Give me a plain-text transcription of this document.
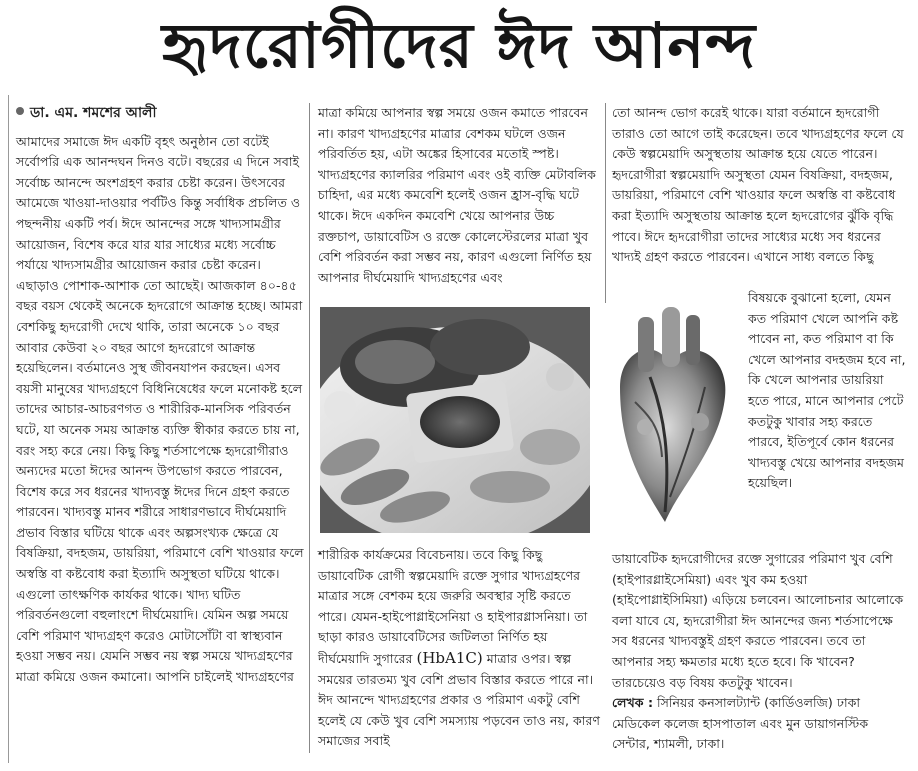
হৃদরোগীদের ঈদ আনন্দ

ডা. এম. শমশের আলী

আমাদের সমাজে ঈদ একটি বৃহৎ অনুষ্ঠান তো বটেই সর্বোপরি এক আনন্দঘন দিনও বটে। বছরের এ দিনে সবাই সর্বোচ্চ আনন্দে অংশগ্রহণ করার চেষ্টা করেন। উৎসবের আমেজে খাওয়া-দাওয়ার পর্বটিও কিন্তু সর্বাধিক প্রচলিত ও পছন্দনীয় একটি পর্ব। ঈদে আনন্দের সঙ্গে খাদ্যসামগ্রীর আয়োজন, বিশেষ করে যার যার সাধ্যের মধ্যে সর্বোচ্চ পর্যায়ে খাদ্যসামগ্রীর আয়োজন করার চেষ্টা করেন। এছাড়াও পোশাক-আশাক তো আছেই। আজকাল ৪০-৪৫ বছর বয়স থেকেই অনেকে হৃদরোগে আক্রান্ত হচ্ছে। আমরা বেশকিছু হৃদরোগী দেখে থাকি, তারা অনেকে ১০ বছর আবার কেউবা ২০ বছর আগে হৃদরোগে আক্রান্ত হয়েছিলেন। বর্তমানেও সুস্থ জীবনযাপন করছেন। এসব বয়সী মানুষের খাদ্যগ্রহণে বিধিনিষেধের ফলে মনোকষ্ট হলে তাদের আচার-আচরণগত ও শারীরিক-মানসিক পরিবর্তন ঘটে, যা অনেক সময় আক্রান্ত ব্যক্তি স্বীকার করতে চায় না, বরং সহ্য করে নেয়। কিছু কিছু শর্তসাপেক্ষে হৃদরোগীরাও অন্যদের মতো ঈদের আনন্দ উপভোগ করতে পারবেন, বিশেষ করে সব ধরনের খাদ্যবস্তু ঈদের দিনে গ্রহণ করতে পারবেন। খাদ্যবস্তু মানব শরীরে সাধারণভাবে দীর্ঘমেয়াদি প্রভাব বিস্তার ঘটিয়ে থাকে এবং অল্পসংখ্যক ক্ষেত্রে যে বিষক্রিয়া, বদহজম, ডায়রিয়া, পরিমাণে বেশি খাওয়ার ফলে অস্বস্তি বা কষ্টবোধ করা ইত্যাদি অসুস্থতা ঘটিয়ে থাকে। এগুলো তাৎক্ষণিক কার্যকর থাকে। খাদ্য ঘটিত পরিবর্তনগুলো বহুলাংশে দীর্ঘমেয়াদি। যেমিন অল্প সময়ে বেশি পরিমাণ খাদ্যগ্রহণ করেও মোটাসোঁটা বা স্বাস্থ্যবান হওয়া সম্ভব নয়। যেমনি সম্ভব নয় স্বল্প সময়ে খাদ্যগ্রহণের মাত্রা কমিয়ে ওজন কমানো। আপনি চাইলেই খাদ্যগ্রহণের

মাত্রা কমিয়ে আপনার স্বল্প সময়ে ওজন কমাতে পারবেন না। কারণ খাদ্যগ্রহণের মাত্রার বেশকম ঘটলে ওজন পরিবর্তিত হয়, এটা অঙ্কের হিসাবের মতোই স্পষ্ট। খাদ্যগ্রহণের ক্যালরির পরিমাণ এবং ওই ব্যক্তি মেটাবলিক চাহিদা, এর মধ্যে কমবেশি হলেই ওজন হ্রাস-বৃদ্ধি ঘটে থাকে। ঈদে একদিন কমবেশি খেয়ে আপনার উচ্চ রক্তচাপ, ডায়াবেটিস ও রক্তে কোলেস্টেরলের মাত্রা খুব বেশি পরিবর্তন করা সম্ভব নয়, কারণ এগুলো নির্ণিত হয় আপনার দীর্ঘমেয়াদি খাদ্যগ্রহণের এবং

তো আনন্দ ভোগ করেই থাকে। যারা বর্তমানে হৃদরোগী তারাও তো আগে তাই করেছেন। তবে খাদ্যগ্রহণের ফলে যে কেউ স্বল্পমেয়াদি অসুস্থতায় আক্রান্ত হয়ে যেতে পারেন। হৃদরোগীরা স্বল্পমেয়াদি অসুস্থতা যেমন বিষক্রিয়া, বদহজম, ডায়রিয়া, পরিমাণে বেশি খাওয়ার ফলে অস্বস্তি বা কষ্টবোধ করা ইত্যাদি অসুস্থতায় আক্রান্ত হলে হৃদরোগের ঝুঁকি বৃদ্ধি পাবে। ঈদে হৃদরোগীরা তাদের সাধ্যের মধ্যে সব ধরনের খাদ্যই গ্রহণ করতে পারবেন। এখানে সাধ্য বলতে কিছু

বিষয়কে বুঝানো হলো, যেমন কত পরিমাণ খেলে আপনি কষ্ট পাবেন না, কত পরিমাণ বা কি খেলে আপনার বদহজম হবে না, কি খেলে আপনার ডায়রিয়া হতে পারে, মানে আপনার পেটে কতটুকু খাবার সহ্য করতে পারবে, ইতিপূর্বে কোন ধরনের খাদ্যবস্তু খেয়ে আপনার বদহজম হয়েছিল।

শারীরিক কার্যক্রমের বিবেচনায়। তবে কিছু কিছু ডায়াবেটিক রোগী স্বল্পমেয়াদি রক্তে সুগার খাদ্যগ্রহণের মাত্রার সঙ্গে বেশকম হয়ে জরুরি অবস্থার সৃষ্টি করতে পারে। যেমন-হাইপোগ্লাইসেনিয়া ও হাইপারগ্লাসনিয়া। তা ছাড়া কারও ডায়াবেটিসের জটিলতা নির্ণিত হয় দীর্ঘমেয়াদি সুগারের (HbA1C) মাত্রার ওপর। স্বল্প সময়ের তারতম্য খুব বেশি প্রভাব বিস্তার করতে পারে না। ঈদ আনন্দে খাদ্যগ্রহণের প্রকার ও পরিমাণ একটু বেশি হলেই যে কেউ খুব বেশি সমস্যায় পড়বেন তাও নয়, কারণ সমাজের সবাই

ডায়াবেটিক হৃদরোগীদের রক্তে সুগারের পরিমাণ খুব বেশি (হাইপারগ্লাইসেমিয়া) এবং খুব কম হওয়া (হাইপোগ্লাইসিমিয়া) এড়িয়ে চলবেন। আলোচনার আলোকে বলা যাবে যে, হৃদরোগীরা ঈদ আনন্দের জন্য শর্তসাপেক্ষে সব ধরনের খাদ্যবস্তুই গ্রহণ করতে পারবেন। তবে তা আপনার সহ্য ক্ষমতার মধ্যে হতে হবে। কি খাবেন? তারচেয়েও বড় বিষয় কতটুকু খাবেন।

লেখক : সিনিয়র কনসালট্যান্ট (কার্ডিওলজি) ঢাকা মেডিকেল কলেজ হাসপাতাল এবং মুন ডায়াগনস্টিক সেন্টার, শ্যামলী, ঢাকা।
